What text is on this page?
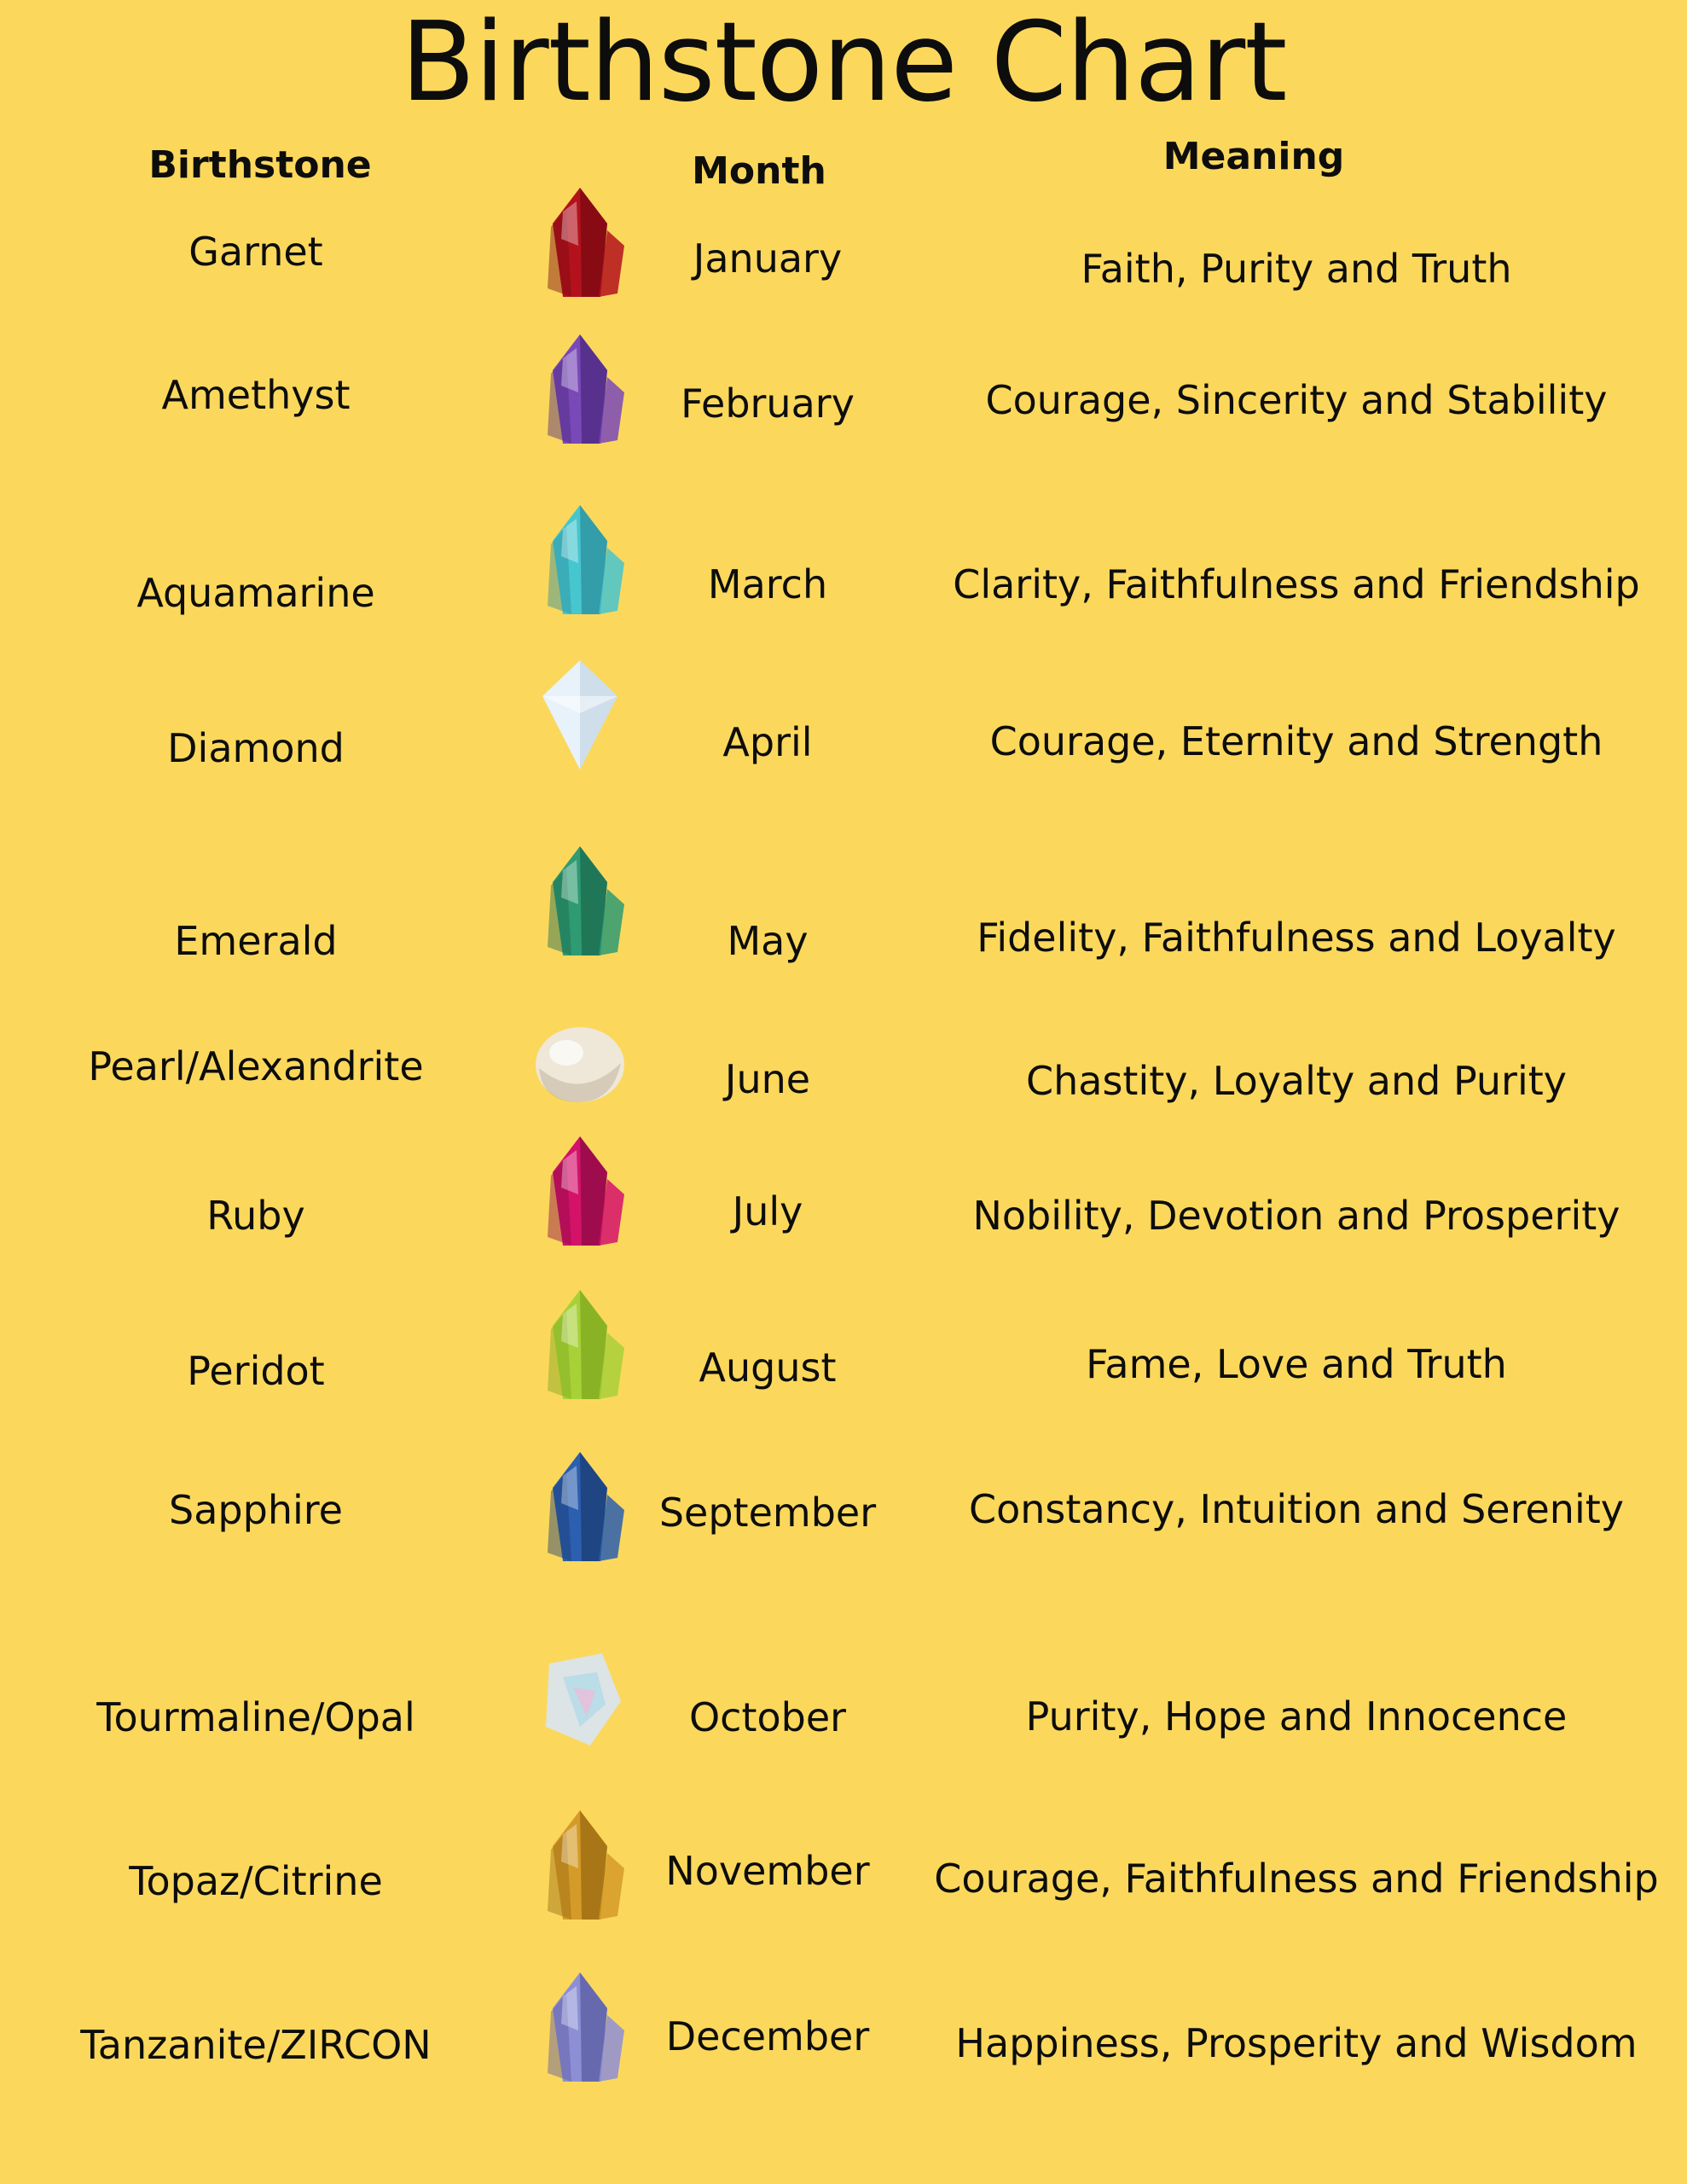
Birthstone Chart
Birthstone	Month	Meaning
Garnet	January	Faith, Purity and Truth
Amethyst	February	Courage, Sincerity and Stability
Aquamarine	March	Clarity, Faithfulness and Friendship
Diamond	April	Courage, Eternity and Strength
Emerald	May	Fidelity, Faithfulness and Loyalty
Pearl/Alexandrite	June	Chastity, Loyalty and Purity
Ruby	July	Nobility, Devotion and Prosperity
Peridot	August	Fame, Love and Truth
Sapphire	September	Constancy, Intuition and Serenity
Tourmaline/Opal	October	Purity, Hope and Innocence
Topaz/Citrine	November	Courage, Faithfulness and Friendship
Tanzanite/ZIRCON	December	Happiness, Prosperity and Wisdom
